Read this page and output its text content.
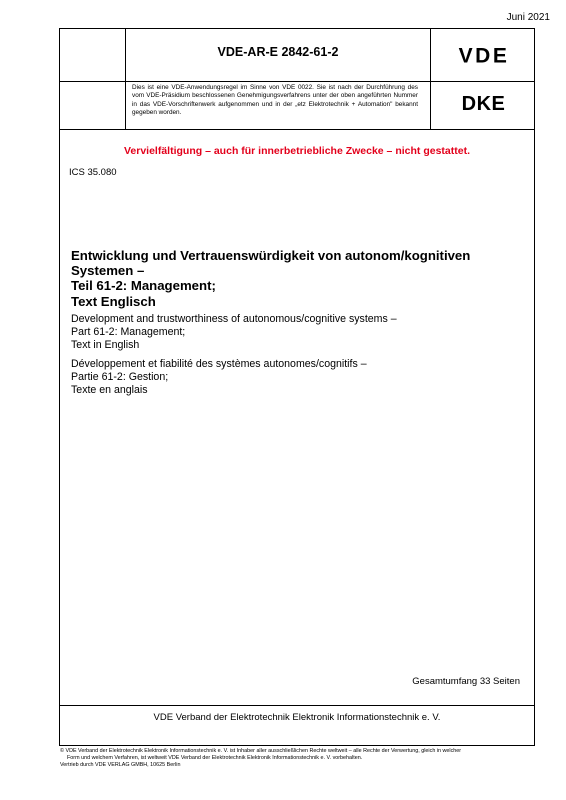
Juni 2021
VDE-AR-E 2842-61-2	VDE
Dies ist eine VDE-Anwendungsregel im Sinne von VDE 0022. Sie ist nach der Durchführung des vom VDE-Präsidium beschlossenen Genehmigungsverfahrens unter der oben angeführten Nummer in das VDE-Vorschriftenwerk aufgenommen und in der „etz Elektrotechnik + Automation" bekannt gegeben worden.	DKE
Vervielfältigung – auch für innerbetriebliche Zwecke – nicht gestattet.
ICS 35.080
Entwicklung und Vertrauenswürdigkeit von autonom/kognitiven
Systemen –
Teil 61-2: Management;
Text Englisch
Development and trustworthiness of autonomous/cognitive systems –
Part 61-2: Management;
Text in English
Développement et fiabilité des systèmes autonomes/cognitifs –
Partie 61-2: Gestion;
Texte en anglais
Gesamtumfang 33 Seiten
VDE Verband der Elektrotechnik Elektronik Informationstechnik e. V.
© VDE Verband der Elektrotechnik Elektronik Informationstechnik e. V. ist Inhaber aller ausschließlichen Rechte weltweit – alle Rechte der Verwertung, gleich in welcher
Form und welchem Verfahren, ist weltweit VDE Verband der Elektrotechnik Elektronik Informationstechnik e. V. vorbehalten.
Vertrieb durch VDE VERLAG GMBH, 10625 Berlin
